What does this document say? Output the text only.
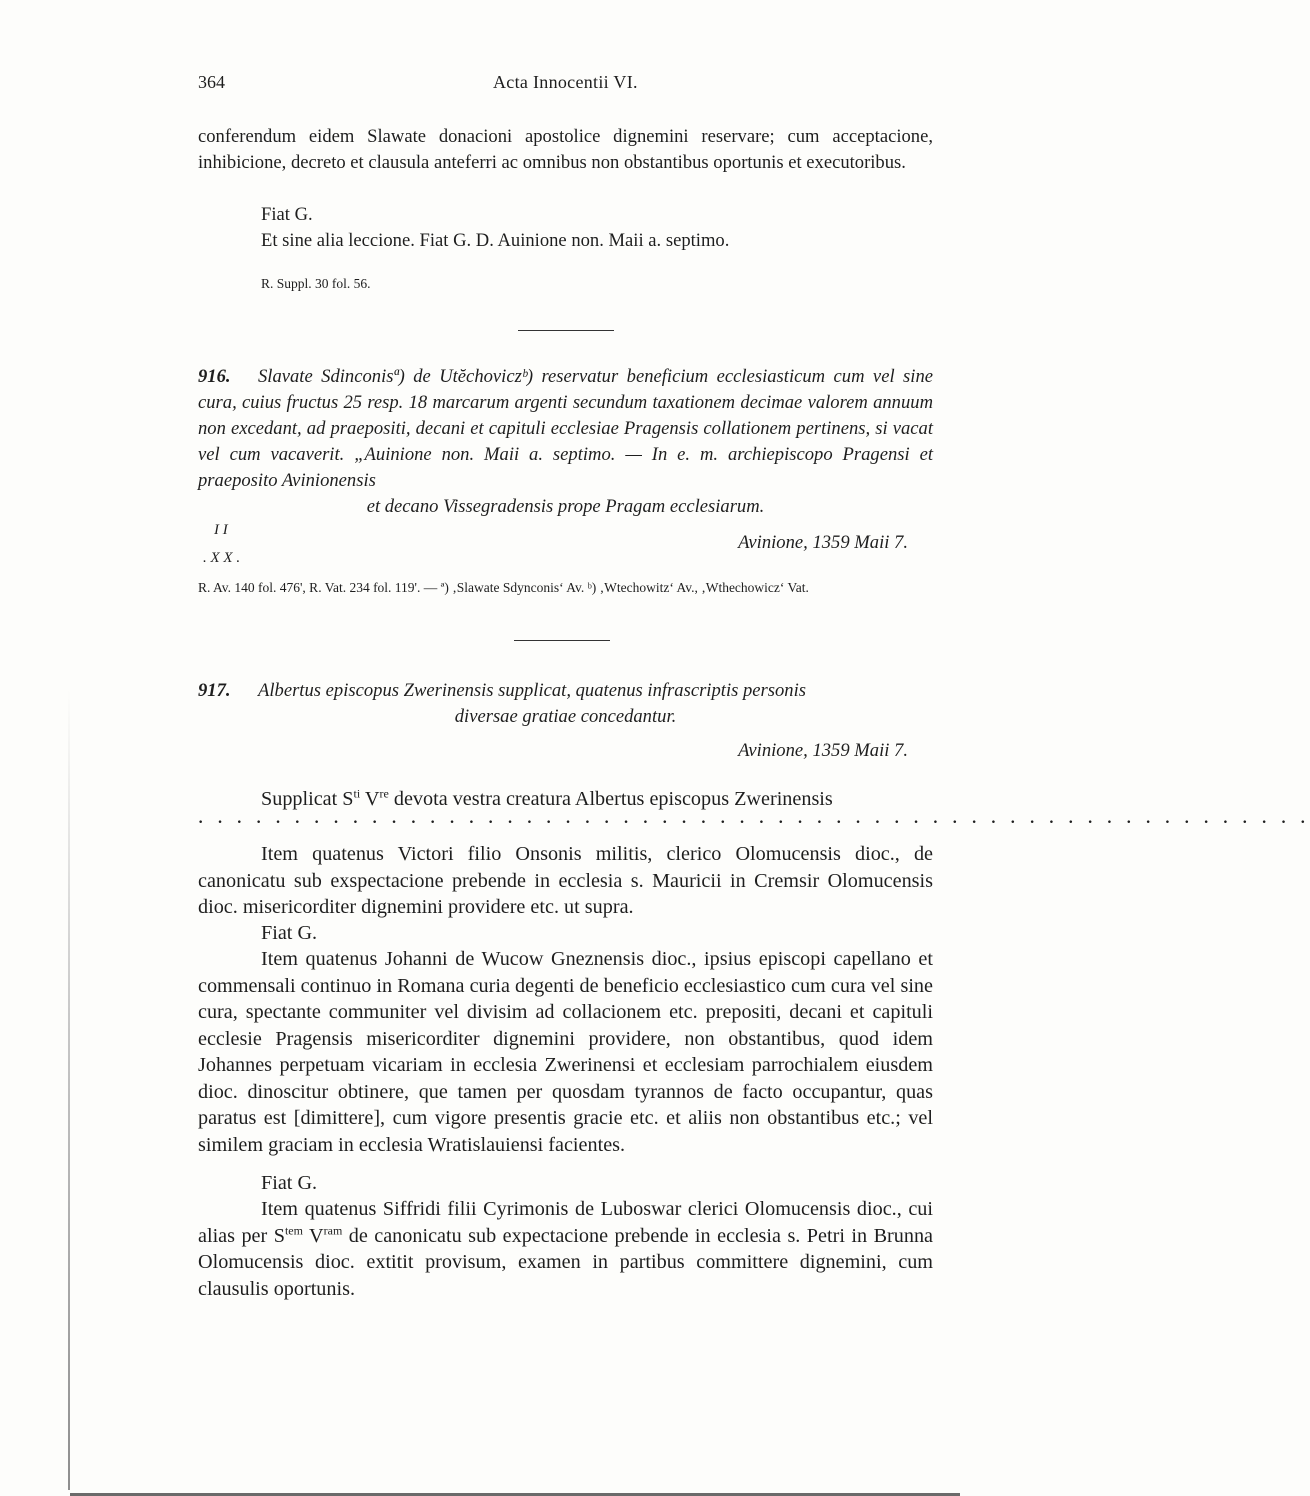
364	Acta Innocentii VI.
conferendum eidem Slawate donacioni apostolice dignemini reservare; cum acceptacione, inhibicione, decreto et clausula anteferri ac omnibus non obstantibus oportunis et executoribus.
Fiat G.
Et sine alia leccione. Fiat G. D. Auinione non. Maii a. septimo.
R. Suppl. 30 fol. 56.
916. Slavate Sdinconisª) de Utĕchoviczᵇ) reservatur beneficium ecclesiasticum cum vel sine cura, cuius fructus 25 resp. 18 marcarum argenti secundum taxationem decimae valorem annuum non excedant, ad praepositi, decani et capituli ecclesiae Pragensis collationem pertinens, si vacat vel cum vacaverit. „Auinione non. Maii a. septimo. — In e. m. archiepiscopo Pragensi et praeposito Avinionensis
et decano Vissegradensis prope Pragam ecclesiarum.
I I
. X X .
Avinione, 1359 Maii 7.
R. Av. 140 fol. 476', R. Vat. 234 fol. 119'. — ª) ‚Slawate Sdynconis‘ Av. ᵇ) ‚Wtechowitz‘ Av., ‚Wthechowicz‘ Vat.
917. Albertus episcopus Zwerinensis supplicat, quatenus infrascriptis personis
diversae gratiae concedantur.
Avinione, 1359 Maii 7.
Supplicat $S^{ti}$ Vre devota vestra creatura Albertus episcopus Zwerinensis
· · · · · · · · · · · · · · · · · · · · · · · · · · · · · · · · · · · · · · · · · · · · · · · · · · · · · · · · · ·
Item quatenus Victori filio Onsonis militis, clerico Olomucensis dioc., de canonicatu sub exspectacione prebende in ecclesia s. Mauricii in Cremsir Olomucensis dioc. misericorditer dignemini providere etc. ut supra.
Fiat G.
Item quatenus Johanni de Wucow Gneznensis dioc., ipsius episcopi capellano et commensali continuo in Romana curia degenti de beneficio ecclesiastico cum cura vel sine cura, spectante communiter vel divisim ad collacionem etc. prepositi, decani et capituli ecclesie Pragensis misericorditer dignemini providere, non obstantibus, quod idem Johannes perpetuam vicariam in ecclesia Zwerinensi et ecclesiam parrochialem eiusdem dioc. dinoscitur obtinere, que tamen per quosdam tyrannos de facto occupantur, quas paratus est [dimittere], cum vigore presentis gracie etc. et aliis non obstantibus etc.; vel similem graciam in ecclesia Wratislauiensi facientes.
Fiat G.
Item quatenus Siffridi filii Cyrimonis de Luboswar clerici Olomucensis dioc., cui alias per $S^{tem}$ $V^{ram}$ de canonicatu sub expectacione prebende in ecclesia s. Petri in Brunna Olomucensis dioc. extitit provisum, examen in partibus committere dignemini, cum clausulis oportunis.
